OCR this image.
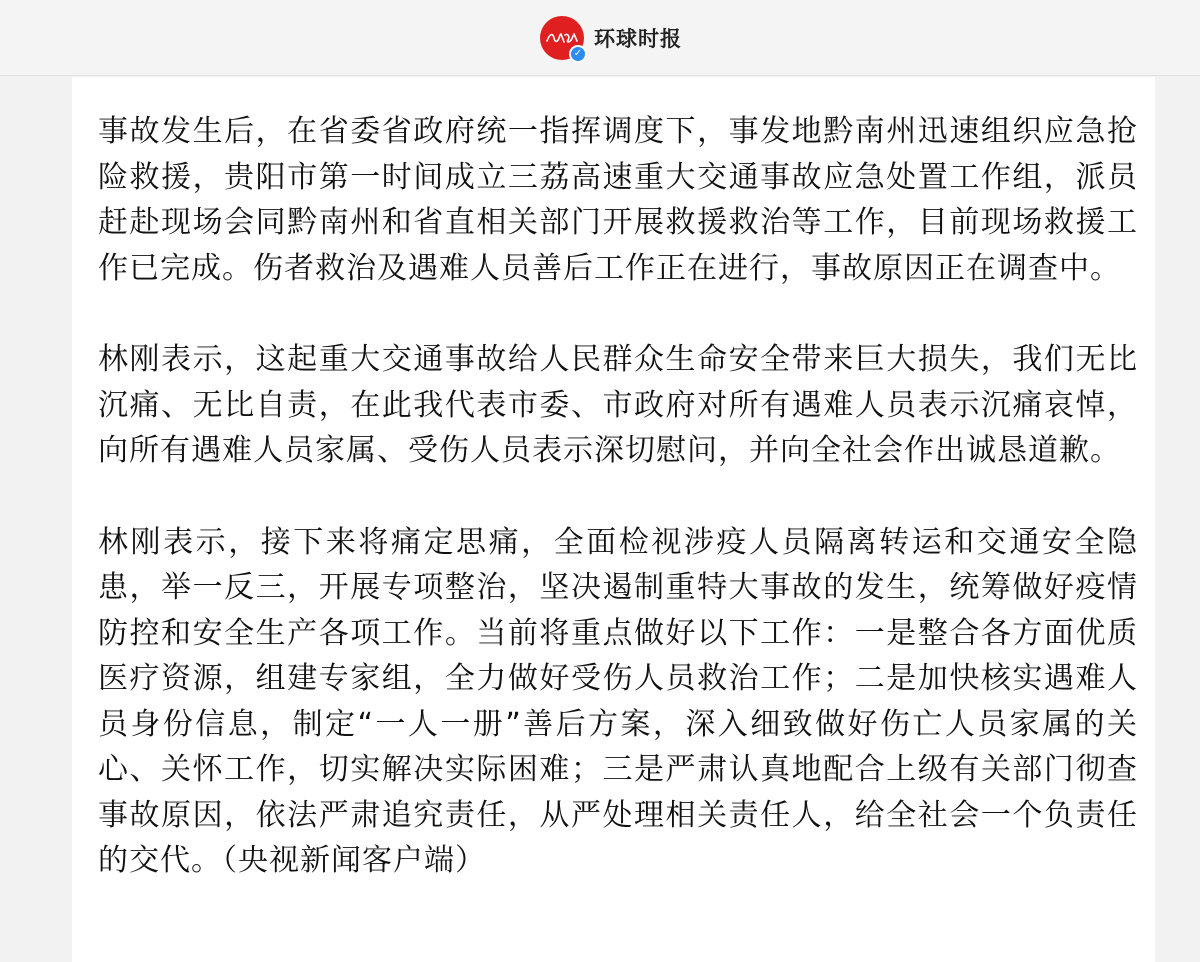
✓
环球时报

事故发生后，在省委省政府统一指挥调度下，事发地黔南州迅速组织应急抢险救援，贵阳市第一时间成立三荔高速重大交通事故应急处置工作组，派员赶赴现场会同黔南州和省直相关部门开展救援救治等工作，目前现场救援工作已完成。伤者救治及遇难人员善后工作正在进行，事故原因正在调查中。

林刚表示，这起重大交通事故给人民群众生命安全带来巨大损失，我们无比沉痛、无比自责，在此我代表市委、市政府对所有遇难人员表示沉痛哀悼，向所有遇难人员家属、受伤人员表示深切慰问，并向全社会作出诚恳道歉。

林刚表示，接下来将痛定思痛，全面检视涉疫人员隔离转运和交通安全隐患，举一反三，开展专项整治，坚决遏制重特大事故的发生，统筹做好疫情防控和安全生产各项工作。当前将重点做好以下工作：一是整合各方面优质医疗资源，组建专家组，全力做好受伤人员救治工作；二是加快核实遇难人员身份信息，制定“一人一册”善后方案，深入细致做好伤亡人员家属的关心、关怀工作，切实解决实际困难；三是严肃认真地配合上级有关部门彻查事故原因，依法严肃追究责任，从严处理相关责任人，给全社会一个负责任的交代。（央视新闻客户端）
